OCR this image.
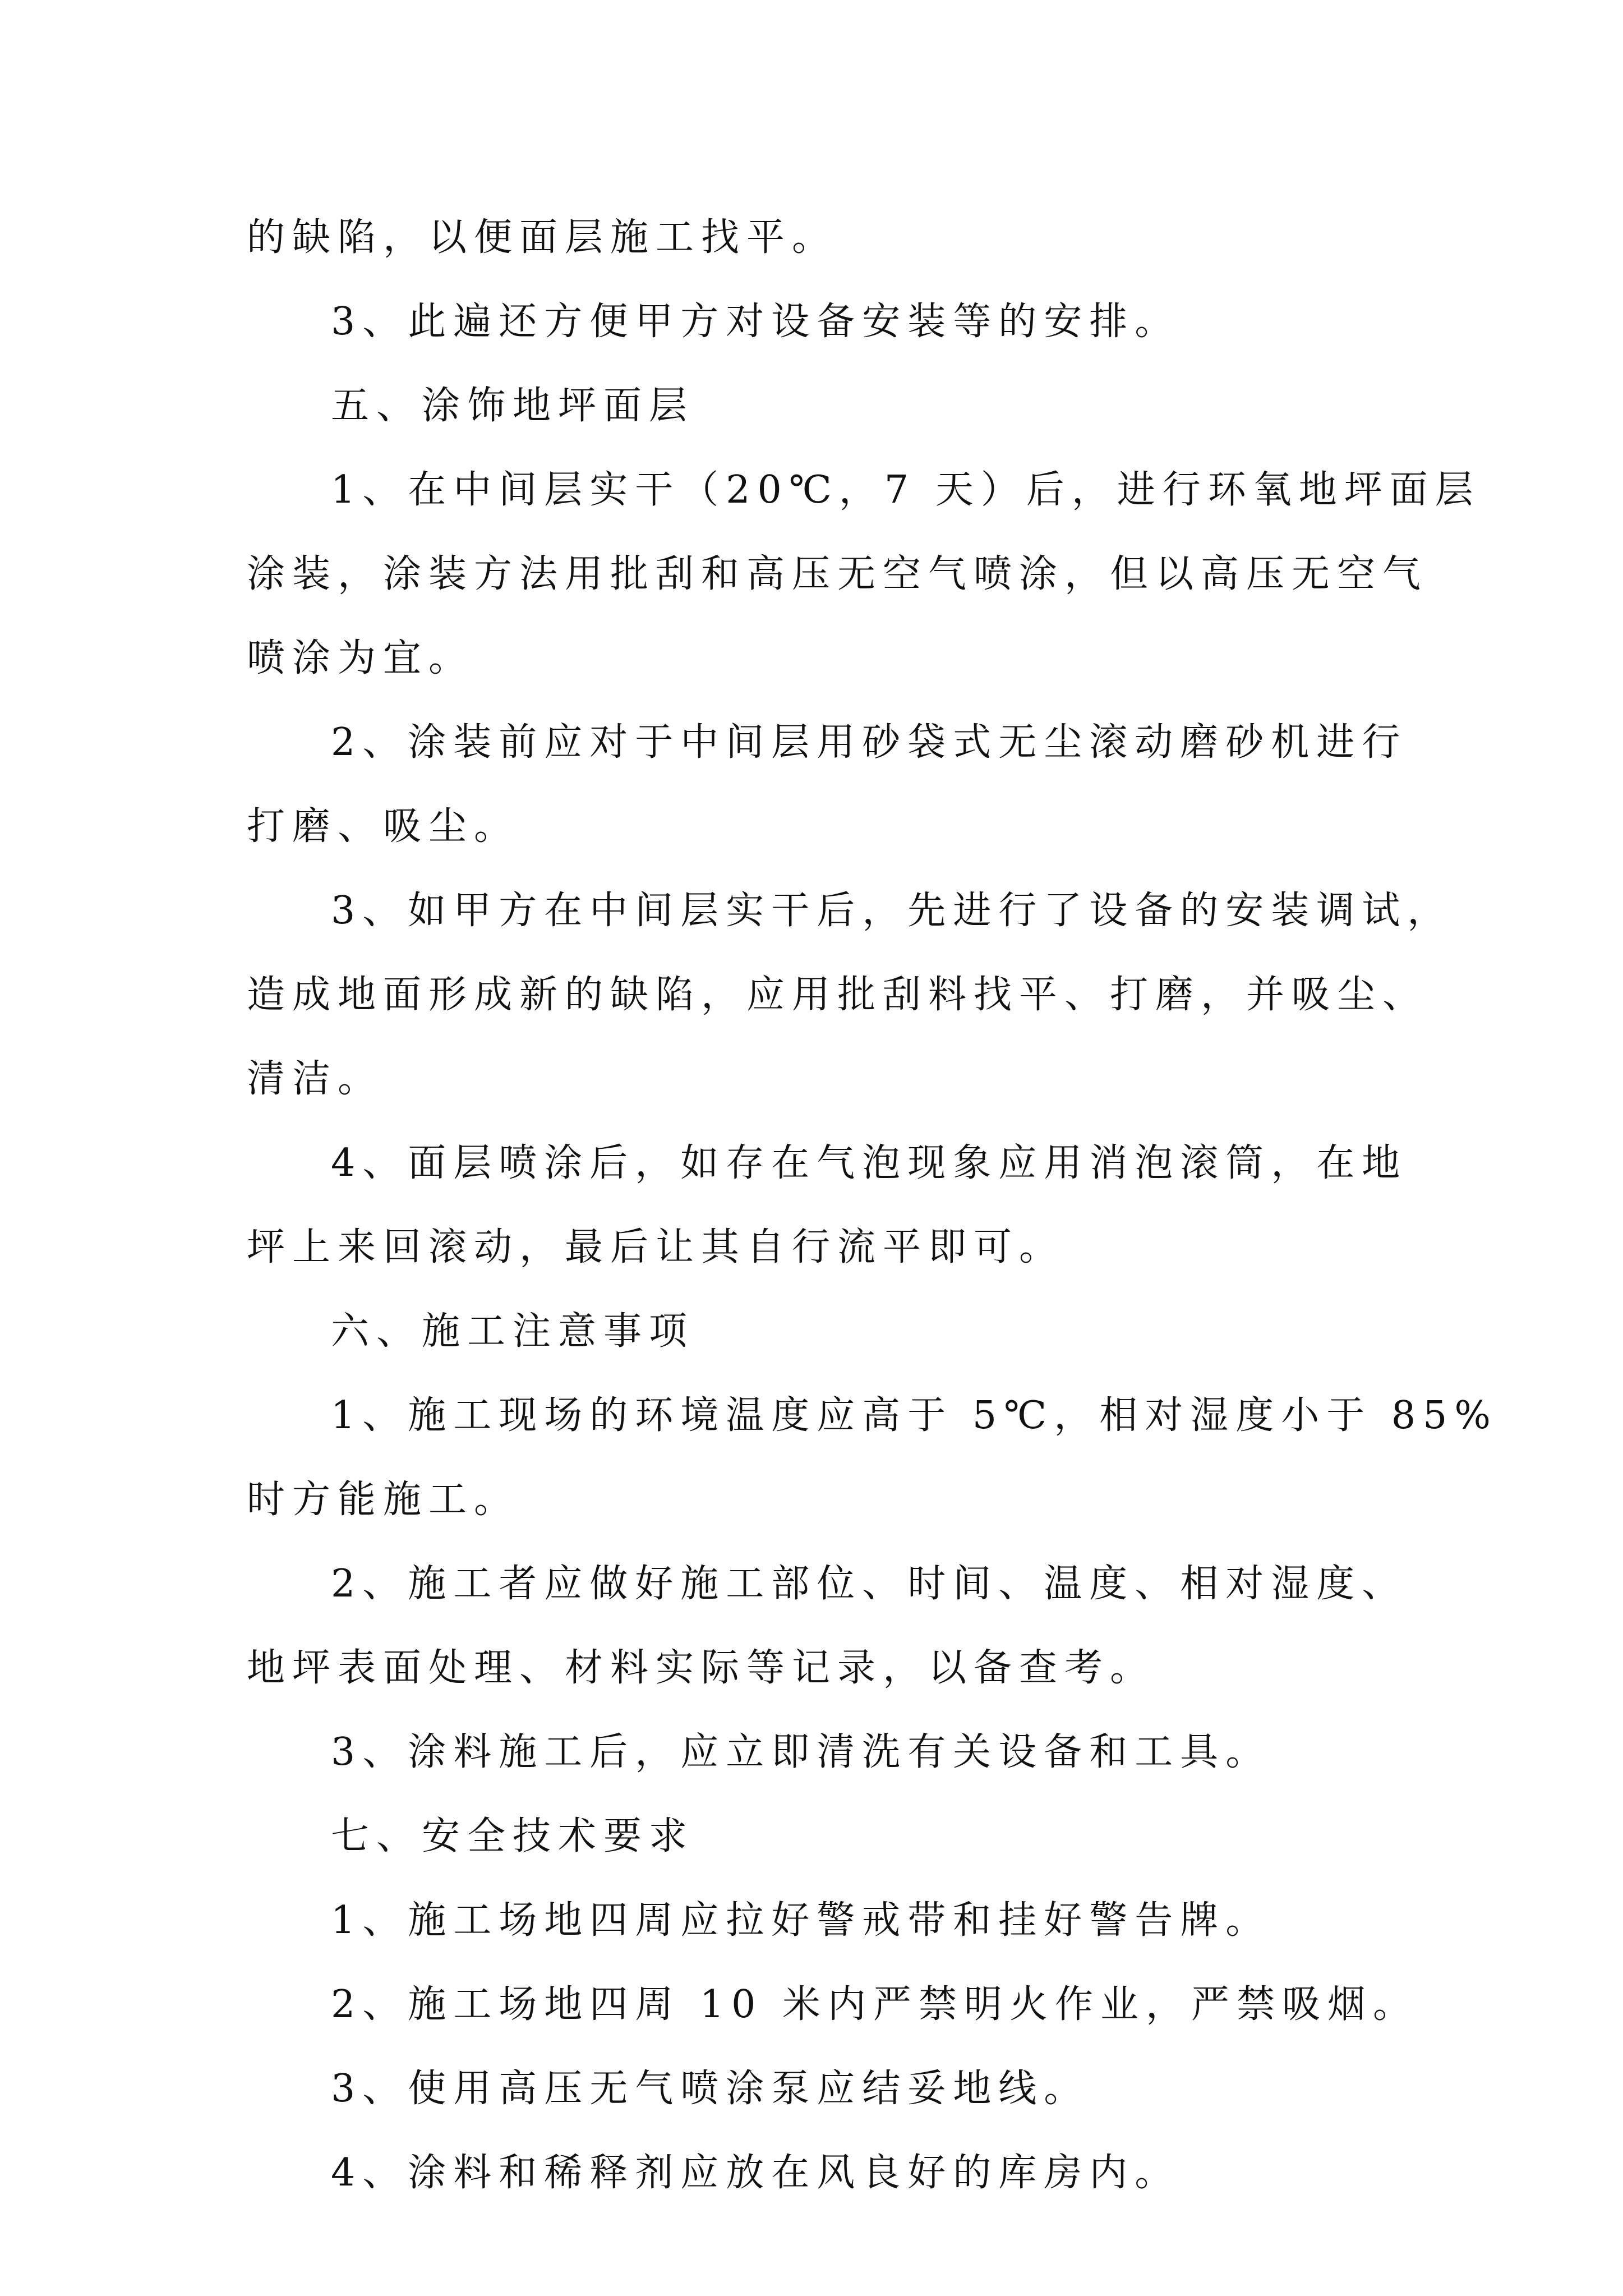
的缺陷，以便面层施工找平。
3、此遍还方便甲方对设备安装等的安排。
五、涂饰地坪面层
1、在中间层实干（20℃，7 天）后，进行环氧地坪面层
涂装，涂装方法用批刮和高压无空气喷涂，但以高压无空气
喷涂为宜。
2、涂装前应对于中间层用砂袋式无尘滚动磨砂机进行
打磨、吸尘。
3、如甲方在中间层实干后，先进行了设备的安装调试，
造成地面形成新的缺陷，应用批刮料找平、打磨，并吸尘、
清洁。
4、面层喷涂后，如存在气泡现象应用消泡滚筒，在地
坪上来回滚动，最后让其自行流平即可。
六、施工注意事项
1、施工现场的环境温度应高于 5℃，相对湿度小于 85%
时方能施工。
2、施工者应做好施工部位、时间、温度、相对湿度、
地坪表面处理、材料实际等记录，以备查考。
3、涂料施工后，应立即清洗有关设备和工具。
七、安全技术要求
1、施工场地四周应拉好警戒带和挂好警告牌。
2、施工场地四周 10 米内严禁明火作业，严禁吸烟。
3、使用高压无气喷涂泵应结妥地线。
4、涂料和稀释剂应放在风良好的库房内。
